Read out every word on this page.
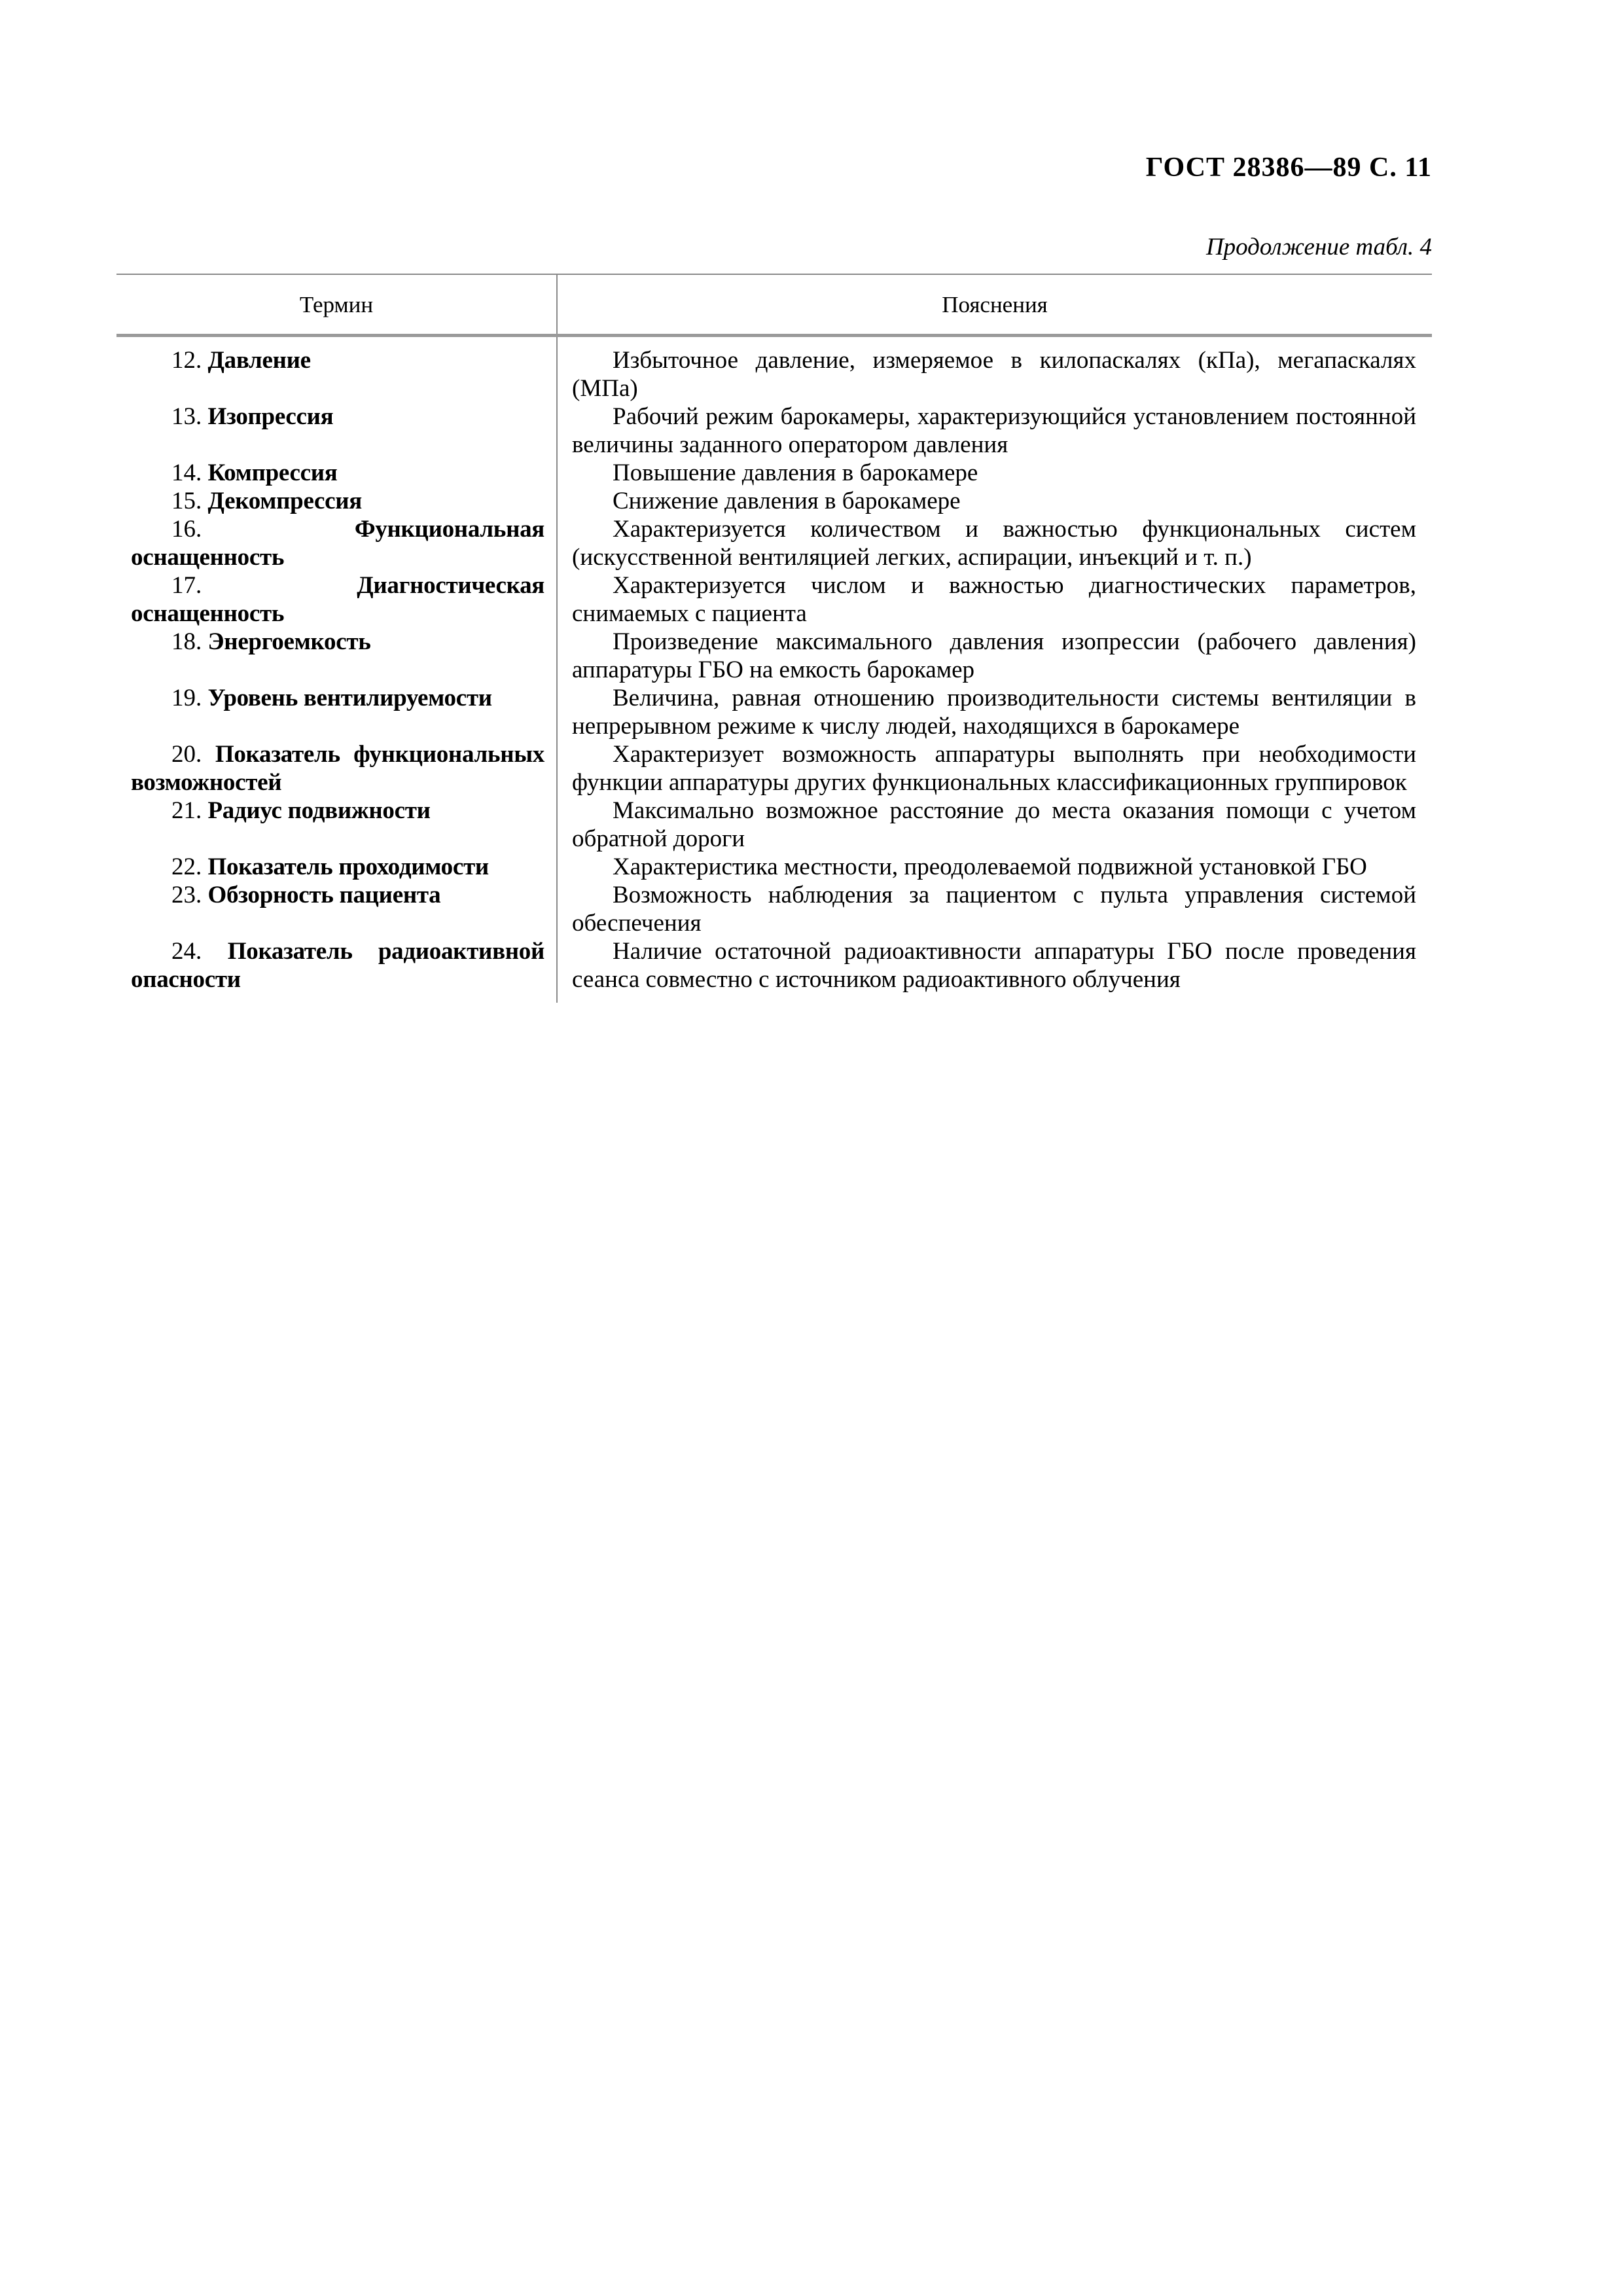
ГОСТ 28386—89 С. 11
Продолжение табл. 4
Термин	Пояснения
12. Давление	Избыточное давление, измеряемое в килопаскалях (кПа), мегапаскалях (МПа)

13. Изопрессия	Рабочий режим барокамеры, характеризующийся установлением постоянной величины заданного оператором давления

14. Компрессия	Повышение давления в барокамере

15. Декомпрессия	Снижение давления в барокамере

16. Функциональная оснащенность	Характеризуется количеством и важностью функциональных систем (искусственной вентиляцией легких, аспирации, инъекций и т. п.)

17. Диагностическая оснащенность	Характеризуется числом и важностью диагностических параметров, снимаемых с пациента

18. Энергоемкость	Произведение максимального давления изопрессии (рабочего давления) аппаратуры ГБО на емкость барокамер

19. Уровень вентилируемости	Величина, равная отношению производительности системы вентиляции в непрерывном режиме к числу людей, находящихся в барокамере

20. Показатель функциональных возможностей	Характеризует возможность аппаратуры выполнять при необходимости функции аппаратуры других функциональных классификационных группировок

21. Радиус подвижности	Максимально возможное расстояние до места оказания помощи с учетом обратной дороги

22. Показатель проходимости	Характеристика местности, преодолеваемой подвижной установкой ГБО

23. Обзорность пациента	Возможность наблюдения за пациентом с пульта управления системой обеспечения

24. Показатель радиоактивной опасности	Наличие остаточной радиоактивности аппаратуры ГБО после проведения сеанса совместно с источником радиоактивного облучения
